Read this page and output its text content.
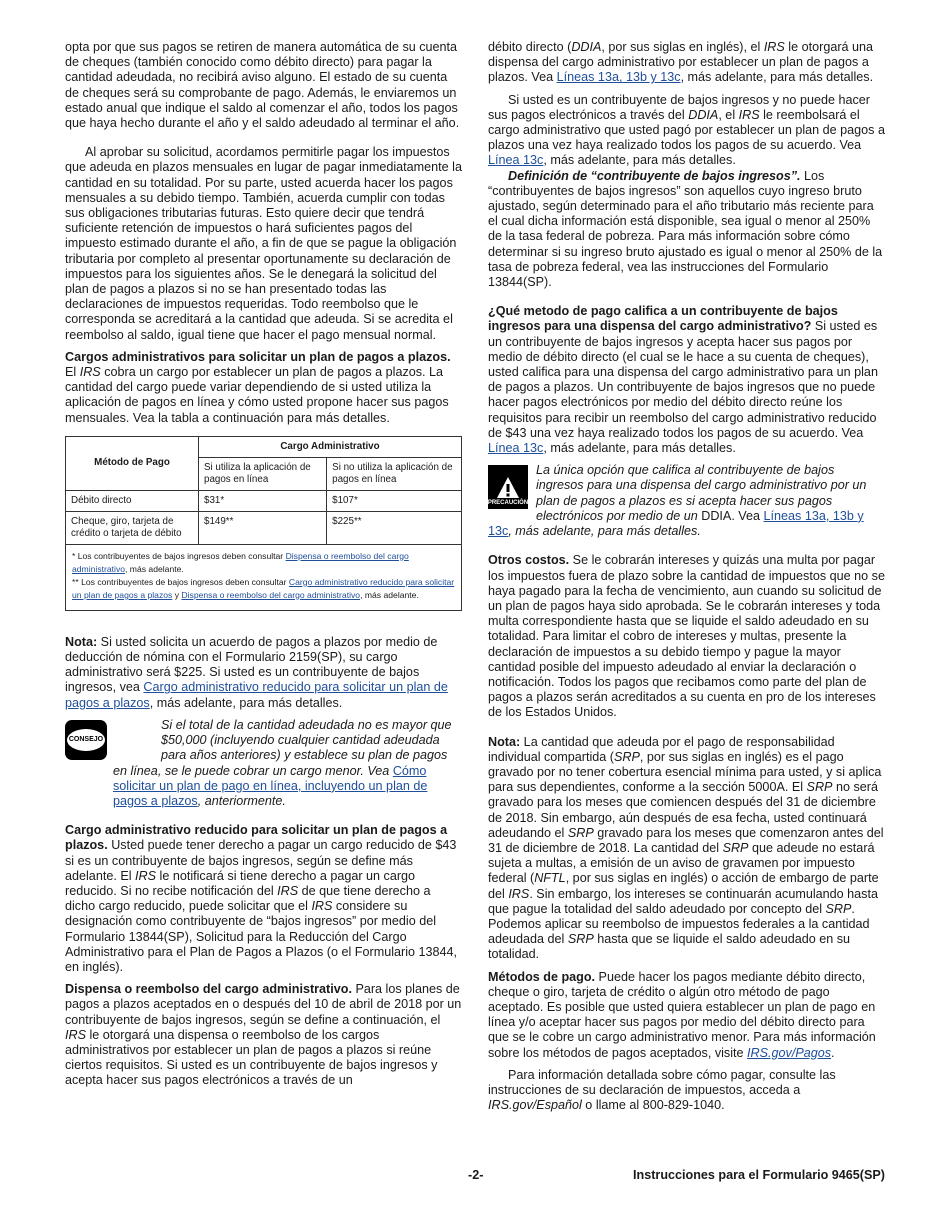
opta por que sus pagos se retiren de manera automática de su cuenta de cheques (también conocido como débito directo) para pagar la cantidad adeudada, no recibirá aviso alguno. El estado de su cuenta de cheques será su comprobante de pago. Además, le enviaremos un estado anual que indique el saldo al comenzar el año, todos los pagos que haya hecho durante el año y el saldo adeudado al terminar el año.

Al aprobar su solicitud, acordamos permitirle pagar los impuestos que adeuda en plazos mensuales en lugar de pagar inmediatamente la cantidad en su totalidad. Por su parte, usted acuerda hacer los pagos mensuales a su debido tiempo. También, acuerda cumplir con todas sus obligaciones tributarias futuras. Esto quiere decir que tendrá suficiente retención de impuestos o hará suficientes pagos del impuesto estimado durante el año, a fin de que se pague la obligación tributaria por completo al presentar oportunamente su declaración de impuestos para los siguientes años. Se le denegará la solicitud del plan de pagos a plazos si no se han presentado todas las declaraciones de impuestos requeridas. Todo reembolso que le corresponda se acreditará a la cantidad que adeuda. Si se acredita el reembolso al saldo, igual tiene que hacer el pago mensual normal.

Cargos administrativos para solicitar un plan de pagos a plazos. El IRS cobra un cargo por establecer un plan de pagos a plazos. La cantidad del cargo puede variar dependiendo de si usted utiliza la aplicación de pagos en línea y cómo usted propone hacer sus pagos mensuales. Vea la tabla a continuación para más detalles.

Método de Pago	Cargo Administrativo	
	Si utiliza la aplicación de pagos en línea	Si no utiliza la aplicación de pagos en línea
Débito directo	$31*	$107*
Cheque, giro, tarjeta de crédito o tarjeta de débito	$149**	$225**

* Los contribuyentes de bajos ingresos deben consultar Dispensa o reembolso del cargo administrativo, más adelante.
** Los contribuyentes de bajos ingresos deben consultar Cargo administrativo reducido para solicitar un plan de pagos a plazos y Dispensa o reembolso del cargo administrativo, más adelante.		

Nota: Si usted solicita un acuerdo de pagos a plazos por medio de deducción de nómina con el Formulario 2159(SP), su cargo administrativo será $225. Si usted es un contribuyente de bajos ingresos, vea Cargo administrativo reducido para solicitar un plan de pagos a plazos, más adelante, para más detalles.

CONSEJO

Si el total de la cantidad adeudada no es mayor que $50,000 (incluyendo cualquier cantidad adeudada para años anteriores) y establece su plan de pagos en línea, se le puede cobrar un cargo menor. Vea Cómo solicitar un plan de pago en línea, incluyendo un plan de pagos a plazos, anteriormente.

Cargo administrativo reducido para solicitar un plan de pagos a plazos. Usted puede tener derecho a pagar un cargo reducido de $43 si es un contribuyente de bajos ingresos, según se define más adelante. El IRS le notificará si tiene derecho a pagar un cargo reducido. Si no recibe notificación del IRS de que tiene derecho a dicho cargo reducido, puede solicitar que el IRS considere su designación como contribuyente de “bajos ingresos” por medio del Formulario 13844(SP), Solicitud para la Reducción del Cargo Administrativo para el Plan de Pagos a Plazos (o el Formulario 13844, en inglés).

Dispensa o reembolso del cargo administrativo. Para los planes de pagos a plazos aceptados en o después del 10 de abril de 2018 por un contribuyente de bajos ingresos, según se define a continuación, el IRS le otorgará una dispensa o reembolso de los cargos administrativos por establecer un plan de pagos a plazos si reúne ciertos requisitos. Si usted es un contribuyente de bajos ingresos y acepta hacer sus pagos electrónicos a través de un

débito directo (DDIA, por sus siglas en inglés), el IRS le otorgará una dispensa del cargo administrativo por establecer un plan de pagos a plazos. Vea Líneas 13a, 13b y 13c, más adelante, para más detalles.

Si usted es un contribuyente de bajos ingresos y no puede hacer sus pagos electrónicos a través del DDIA, el IRS le reembolsará el cargo administrativo que usted pagó por establecer un plan de pagos a plazos una vez haya realizado todos los pagos de su acuerdo. Vea Línea 13c, más adelante, para más detalles.

Definición de “contribuyente de bajos ingresos”. Los “contribuyentes de bajos ingresos” son aquellos cuyo ingreso bruto ajustado, según determinado para el año tributario más reciente para el cual dicha información está disponible, sea igual o menor al 250% de la tasa federal de pobreza. Para más información sobre cómo determinar si su ingreso bruto ajustado es igual o menor al 250% de la tasa de pobreza federal, vea las instrucciones del Formulario 13844(SP).

¿Qué metodo de pago califica a un contribuyente de bajos ingresos para una dispensa del cargo administrativo? Si usted es un contribuyente de bajos ingresos y acepta hacer sus pagos por medio de débito directo (el cual se le hace a su cuenta de cheques), usted califica para una dispensa del cargo administrativo para un plan de pagos a plazos. Un contribuyente de bajos ingresos que no puede hacer pagos electrónicos por medio del débito directo reúne los requisitos para recibir un reembolso del cargo administrativo reducido de $43 una vez haya realizado todos los pagos de su acuerdo. Vea Línea 13c, más adelante, para más detalles.

PRECAUCIÓN

La única opción que califica al contribuyente de bajos ingresos para una dispensa del cargo administrativo por un plan de pagos a plazos es si acepta hacer sus pagos electrónicos por medio de un DDIA. Vea Líneas 13a, 13b y 13c, más adelante, para más detalles.

Otros costos. Se le cobrarán intereses y quizás una multa por pagar los impuestos fuera de plazo sobre la cantidad de impuestos que no se haya pagado para la fecha de vencimiento, aun cuando su solicitud de un plan de pagos haya sido aprobada. Se le cobrarán intereses y toda multa correspondiente hasta que se liquide el saldo adeudado en su totalidad. Para limitar el cobro de intereses y multas, presente la declaración de impuestos a su debido tiempo y pague la mayor cantidad posible del impuesto adeudado al enviar la declaración o notificación. Todos los pagos que recibamos como parte del plan de pagos a plazos serán acreditados a su cuenta en pro de los intereses de los Estados Unidos.

Nota: La cantidad que adeuda por el pago de responsabilidad individual compartida (SRP, por sus siglas en inglés) es el pago gravado por no tener cobertura esencial mínima para usted, y si aplica para sus dependientes, conforme a la sección 5000A. El SRP no será gravado para los meses que comiencen después del 31 de diciembre de 2018. Sin embargo, aún después de esa fecha, usted continuará adeudando el SRP gravado para los meses que comenzaron antes del 31 de diciembre de 2018. La cantidad del SRP que adeude no estará sujeta a multas, a emisión de un aviso de gravamen por impuesto federal (NFTL, por sus siglas en inglés) o acción de embargo de parte del IRS. Sin embargo, los intereses se continuarán acumulando hasta que pague la totalidad del saldo adeudado por concepto del SRP. Podemos aplicar su reembolso de impuestos federales a la cantidad adeudada del SRP hasta que se liquide el saldo adeudado en su totalidad.

Métodos de pago. Puede hacer los pagos mediante débito directo, cheque o giro, tarjeta de crédito o algún otro método de pago aceptado. Es posible que usted quiera establecer un plan de pago en línea y/o aceptar hacer sus pagos por medio del débito directo para que se le cobre un cargo administrativo menor. Para más información sobre los métodos de pagos aceptados, visite IRS.gov/Pagos.

Para información detallada sobre cómo pagar, consulte las instrucciones de su declaración de impuestos, acceda a IRS.gov/Español o llame al 800-829-1040.

-2-	Instrucciones para el Formulario 9465(SP)
